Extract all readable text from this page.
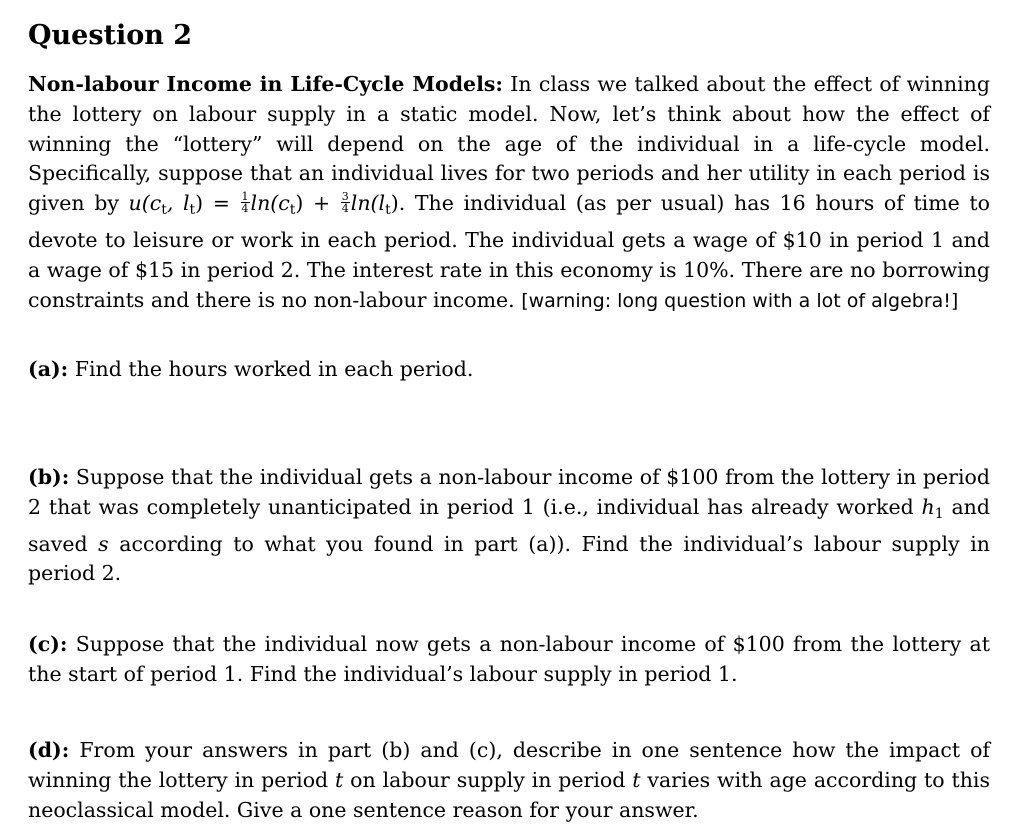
Question 2

Non-labour Income in Life-Cycle Models: In class we talked about the effect of winning the lottery on labour supply in a static model. Now, let’s think about how the effect of winning the “lottery” will depend on the age of the individual in a life-cycle model. Specifically, suppose that an individual lives for two periods and her utility in each period is given by $u(c_t$, $l_t) = \frac{1}{4} \ln(c_t) + \frac{3}{4} \ln(l_t)$. The individual (as per usual) has 16 hours of time to devote to leisure or work in each period. The individual gets a wage of $10 in period 1 and a wage of $15 in period 2. The interest rate in this economy is 10%. There are no borrowing constraints and there is no non-labour income. [warning: long question with a lot of algebra!]

(a): Find the hours worked in each period.

(b): Suppose that the individual gets a non-labour income of $100 from the lottery in period 2 that was completely unanticipated in period 1 (i.e., individual has already worked $h_1$ and saved s according to what you found in part (a)). Find the individual’s labour supply in period 2.

(c): Suppose that the individual now gets a non-labour income of $100 from the lottery at the start of period 1. Find the individual’s labour supply in period 1.

(d): From your answers in part (b) and (c), describe in one sentence how the impact of winning the lottery in period t on labour supply in period t varies with age according to this neoclassical model. Give a one sentence reason for your answer.
